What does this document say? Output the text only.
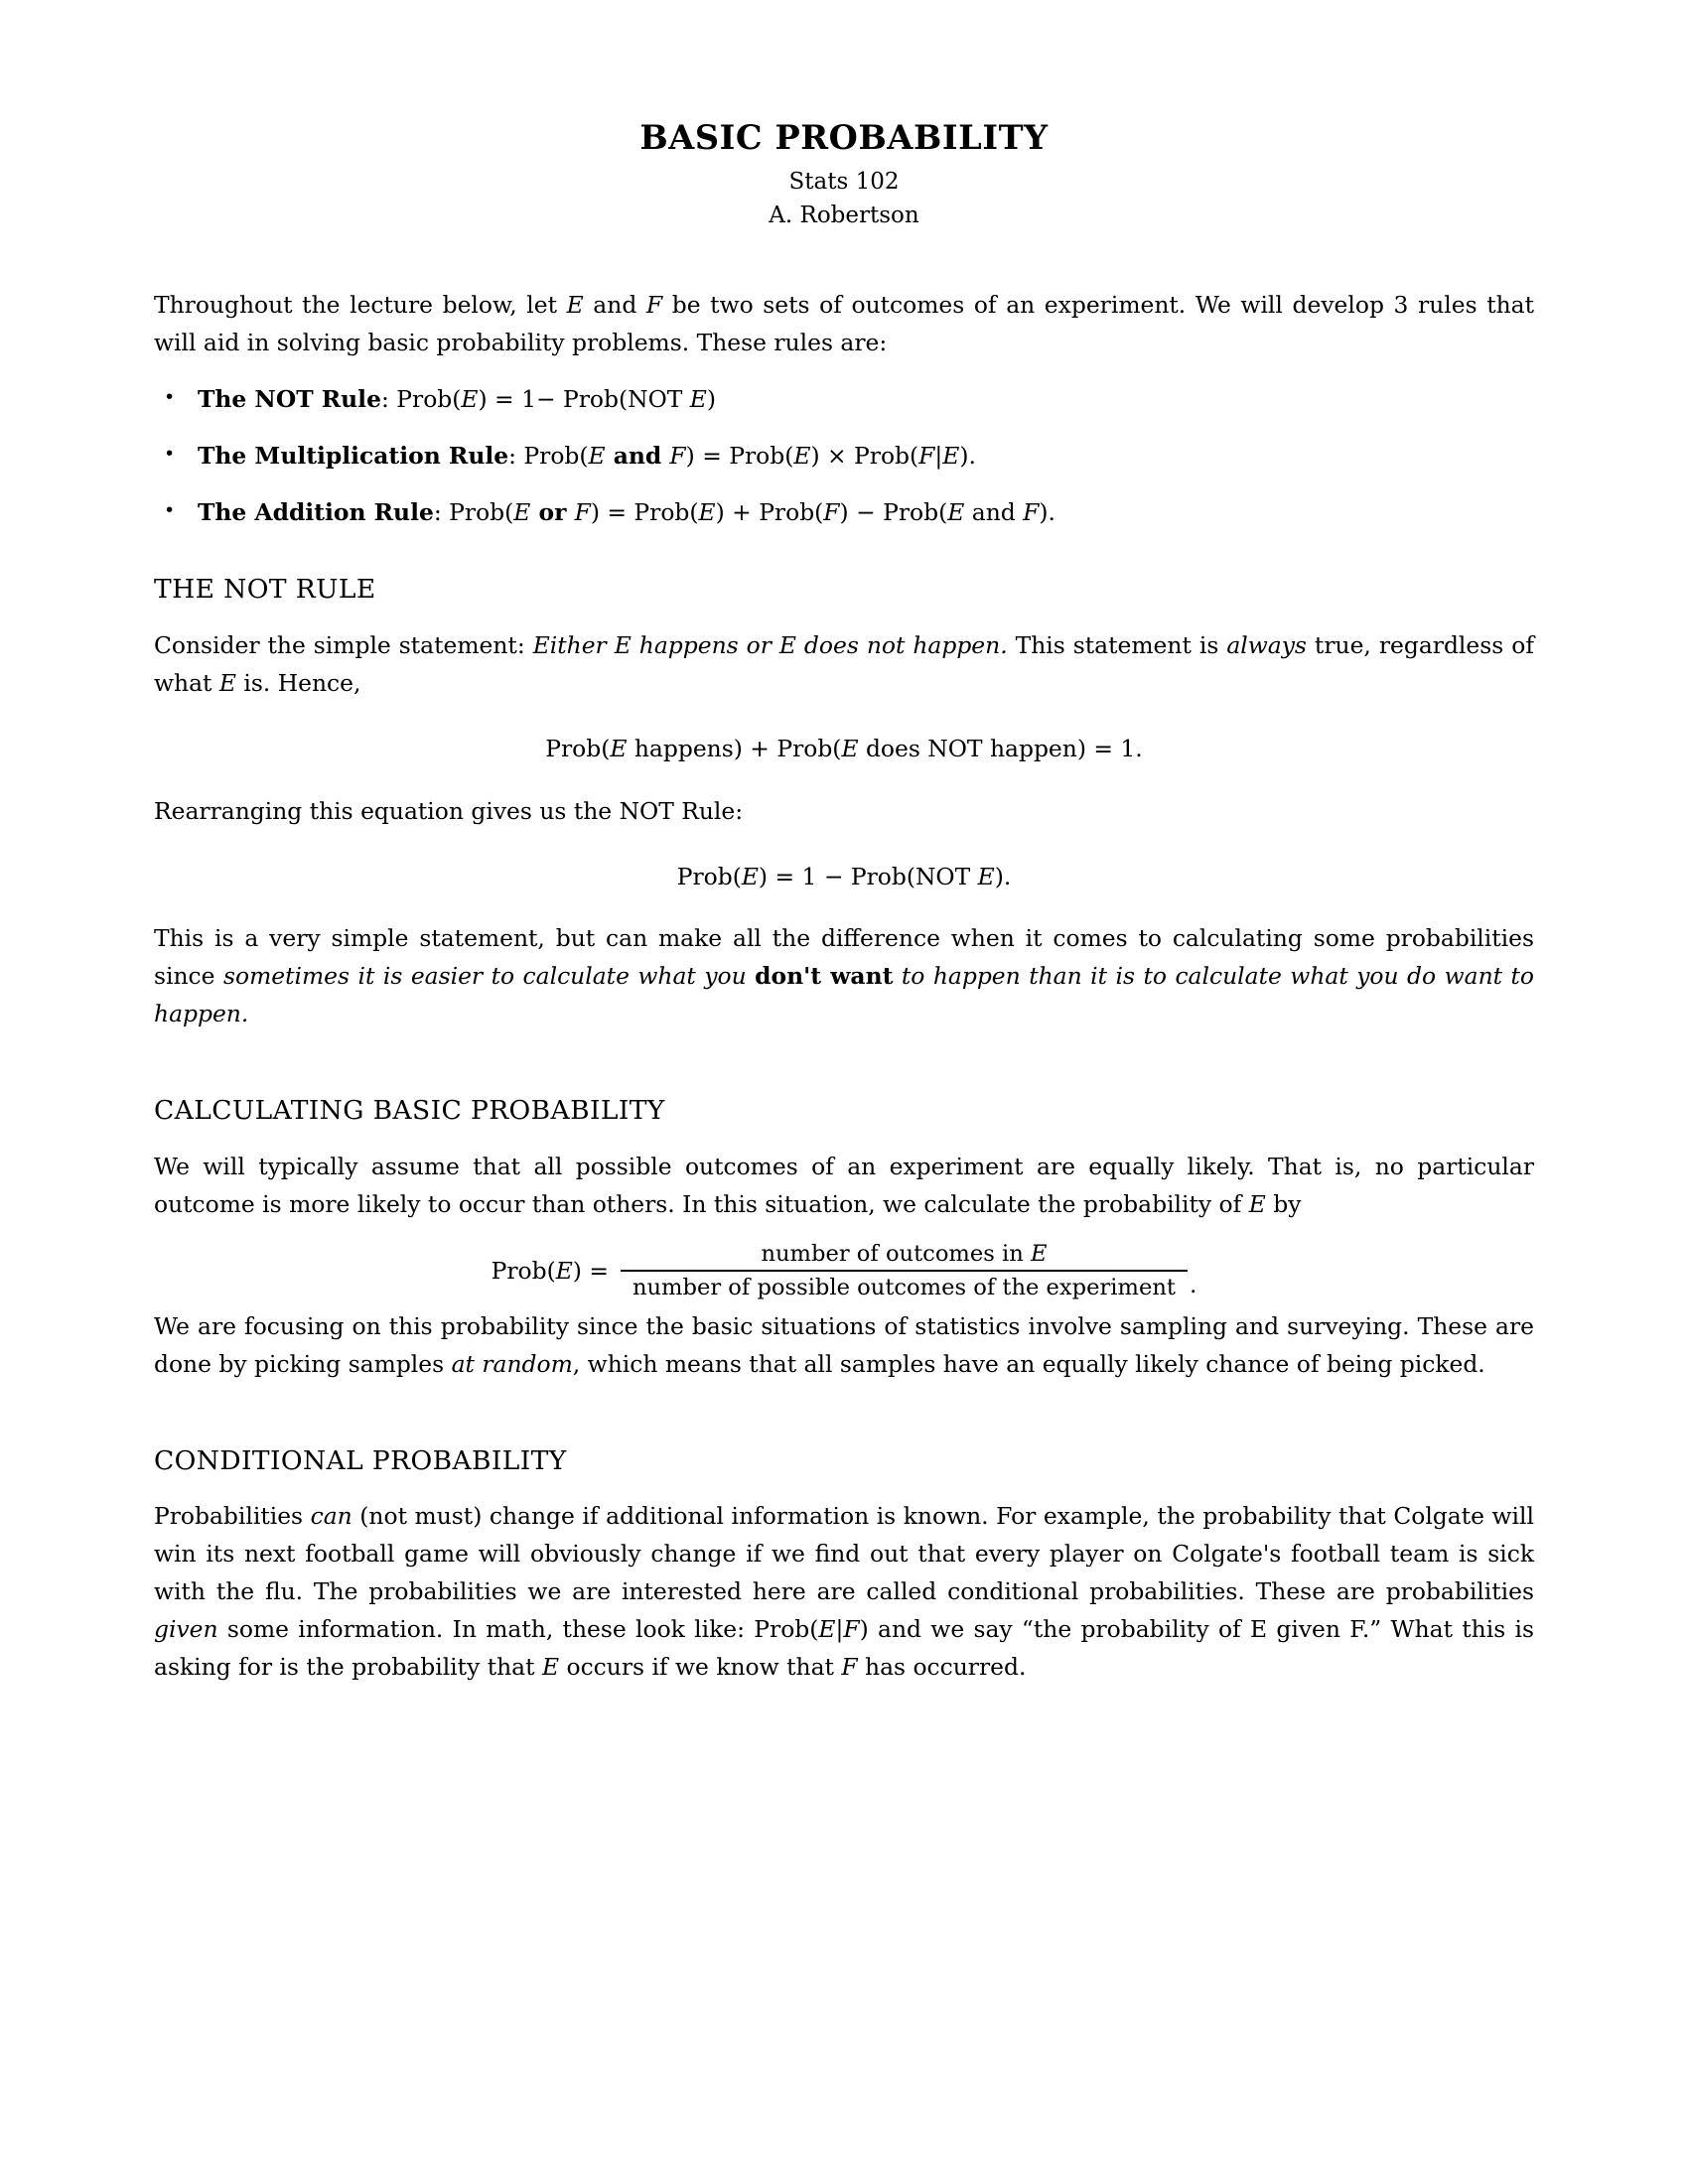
BASIC PROBABILITY
Stats 102
A. Robertson

Throughout the lecture below, let E and F be two sets of outcomes of an experiment. We will develop 3 rules that will aid in solving basic probability problems. These rules are:

• The NOT Rule: Prob(E) = 1− Prob(NOT E)
• The Multiplication Rule: Prob(E and F) = Prob(E) × Prob(F|E).
• The Addition Rule: Prob(E or F) = Prob(E) + Prob(F) − Prob(E and F).
THE NOT RULE

Consider the simple statement: Either E happens or E does not happen. This statement is always true, regardless of what E is. Hence,

Prob(E happens) + Prob(E does NOT happen) = 1.

Rearranging this equation gives us the NOT Rule:

Prob(E) = 1 − Prob(NOT E).

This is a very simple statement, but can make all the difference when it comes to calculating some probabilities since sometimes it is easier to calculate what you don't want to happen than it is to calculate what you do want to happen.

CALCULATING BASIC PROBABILITY

We will typically assume that all possible outcomes of an experiment are equally likely. That is, no particular outcome is more likely to occur than others. In this situation, we calculate the probability of E by

Prob(E) = $\frac{\text{number of outcomes in E}}{\text{number of possible outcomes of the experiment}}$ .

We are focusing on this probability since the basic situations of statistics involve sampling and surveying. These are done by picking samples at random, which means that all samples have an equally likely chance of being picked.

CONDITIONAL PROBABILITY

Probabilities can (not must) change if additional information is known. For example, the probability that Colgate will win its next football game will obviously change if we find out that every player on Colgate's football team is sick with the flu. The probabilities we are interested here are called conditional probabilities. These are probabilities given some information. In math, these look like: Prob(E|F) and we say “the probability of E given F.” What this is asking for is the probability that E occurs if we know that F has occurred.
